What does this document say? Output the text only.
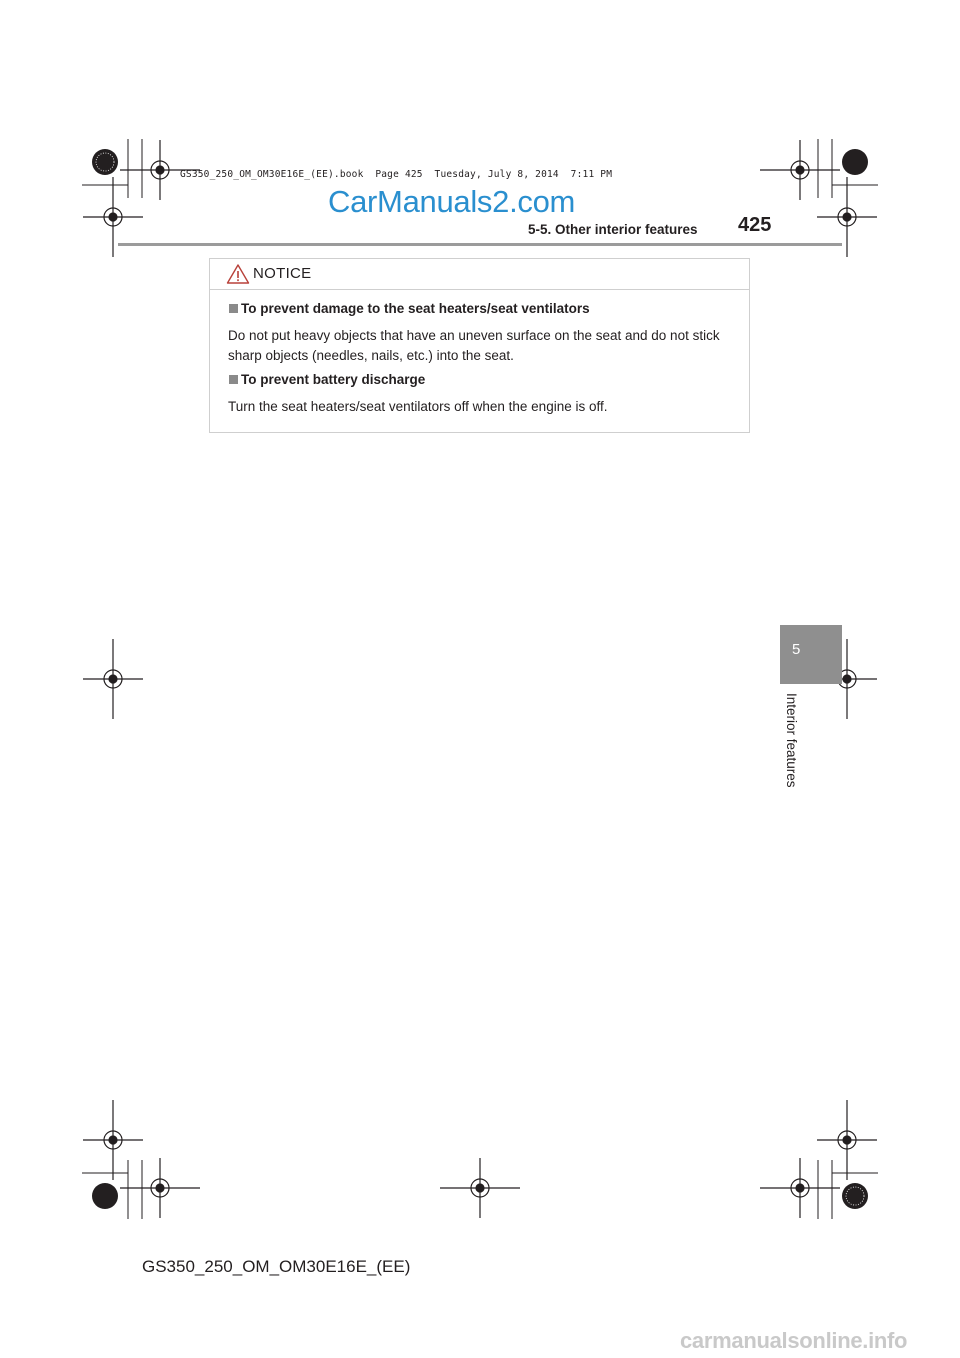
GS350_250_OM_OM30E16E_(EE).book  Page 425  Tuesday, July 8, 2014  7:11 PM
CarManuals2.com
5-5. Other interior features 425
NOTICE
To prevent damage to the seat heaters/seat ventilators
Do not put heavy objects that have an uneven surface on the seat and do not stick sharp objects (needles, nails, etc.) into the seat.
To prevent battery discharge
Turn the seat heaters/seat ventilators off when the engine is off.
5
Interior features
GS350_250_OM_OM30E16E_(EE)
carmanualsonline.info
